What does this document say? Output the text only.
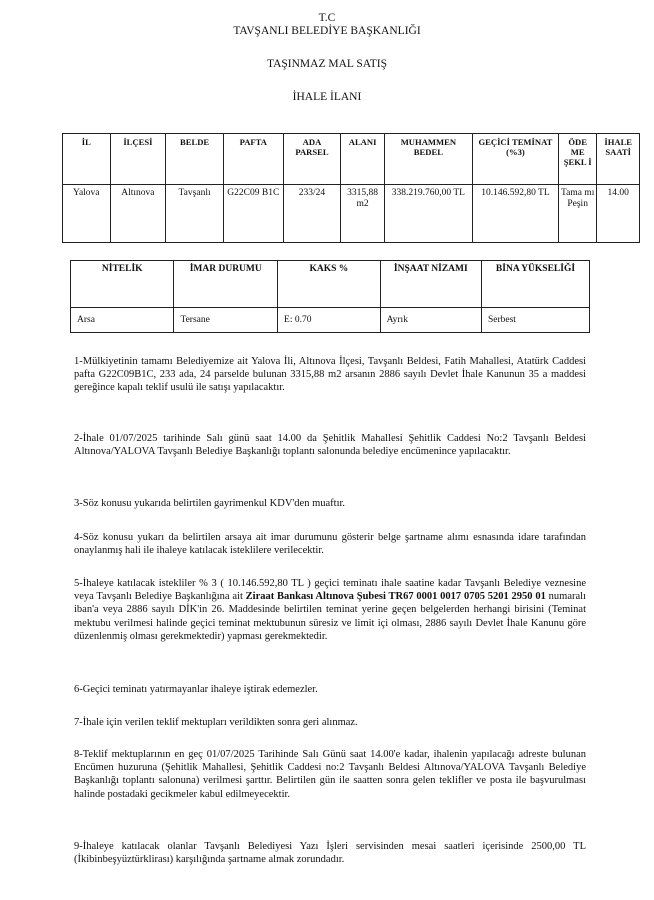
T.C
TAVŞANLI BELEDİYE BAŞKANLIĞI
TAŞINMAZ MAL SATIŞ
İHALE İLANI
İL	İLÇESİ	BELDE	PAFTA	ADA PARSEL	ALANI	MUHAMMEN BEDEL	GEÇİCİ TEMİNAT (%3)	ÖDE ME ŞEKL İ	İHALE SAATİ
Yalova	Altınova	Tavşanlı	G22C09 B1C	233/24	3315,88 m2	338.219.760,00 TL	10.146.592,80 TL	Tama mı Peşin	14.00
NİTELİK	İMAR DURUMU	KAKS %	İNŞAAT NİZAMI	BİNA YÜKSELİĞİ
Arsa	Tersane	E: 0.70	Ayrık	Serbest
1-Mülkiyetinin tamamı Belediyemize ait Yalova İli, Altınova İlçesi, Tavşanlı Beldesi, Fatih Mahallesi, Atatürk Caddesi pafta G22C09B1C, 233 ada, 24 parselde bulunan 3315,88 m2 arsanın 2886 sayılı Devlet İhale Kanunun 35 a maddesi gereğince kapalı teklif usulü ile satışı yapılacaktır.
2-İhale 01/07/2025 tarihinde Salı günü saat 14.00 da Şehitlik Mahallesi Şehitlik Caddesi No:2 Tavşanlı Beldesi Altınova/YALOVA Tavşanlı Belediye Başkanlığı toplantı salonunda belediye encümenince yapılacaktır.
3-Söz konusu yukarıda belirtilen gayrimenkul KDV'den muaftır.
4-Söz konusu yukarı da belirtilen arsaya ait imar durumunu gösterir belge şartname alımı esnasında idare tarafından onaylanmış hali ile ihaleye katılacak isteklilere verilecektir.
5-İhaleye katılacak istekliler % 3 ( 10.146.592,80 TL ) geçici teminatı ihale saatine kadar Tavşanlı Belediye veznesine veya Tavşanlı Belediye Başkanlığına ait Ziraat Bankası Altınova Şubesi TR67 0001 0017 0705 5201 2950 01 numaralı iban'a veya 2886 sayılı DİK'in 26. Maddesinde belirtilen teminat yerine geçen belgelerden herhangi birisini (Teminat mektubu verilmesi halinde geçici teminat mektubunun süresiz ve limit içi olması, 2886 sayılı Devlet İhale Kanunu göre düzenlenmiş olması gerekmektedir) yapması gerekmektedir.
6-Geçici teminatı yatırmayanlar ihaleye iştirak edemezler.
7-İhale için verilen teklif mektupları verildikten sonra geri alınmaz.
8-Teklif mektuplarının en geç 01/07/2025 Tarihinde Salı Günü saat 14.00'e kadar, ihalenin yapılacağı adreste bulunan Encümen huzuruna (Şehitlik Mahallesi, Şehitlik Caddesi no:2 Tavşanlı Beldesi Altınova/YALOVA Tavşanlı Belediye Başkanlığı toplantı salonuna) verilmesi şarttır. Belirtilen gün ile saatten sonra gelen teklifler ve posta ile başvurulması halinde postadaki gecikmeler kabul edilmeyecektir.
9-İhaleye katılacak olanlar Tavşanlı Belediyesi Yazı İşleri servisinden mesai saatleri içerisinde 2500,00 TL (İkibinbeşyüztürklirası) karşılığında şartname almak zorundadır.
